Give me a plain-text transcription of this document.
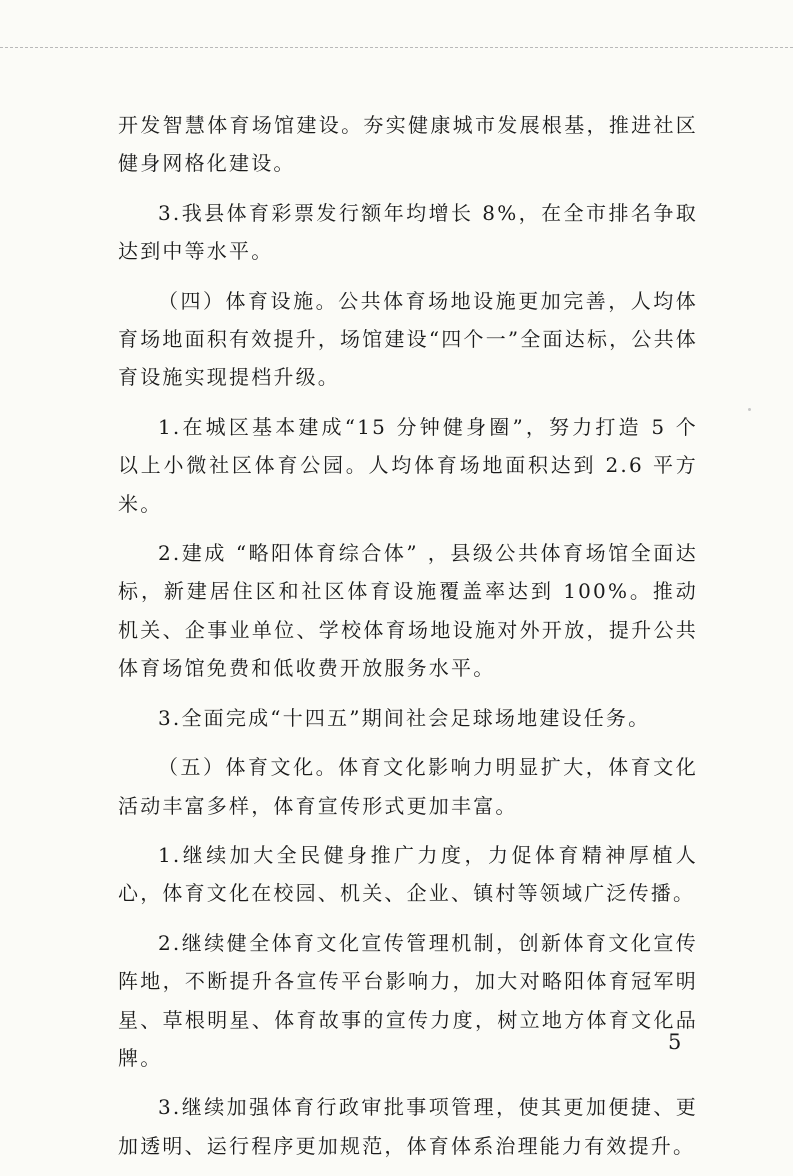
开发智慧体育场馆建设。夯实健康城市发展根基，推进社区健身网格化建设。

3.我县体育彩票发行额年均增长 8%，在全市排名争取达到中等水平。

（四）体育设施。公共体育场地设施更加完善，人均体育场地面积有效提升，场馆建设“四个一”全面达标，公共体育设施实现提档升级。

1.在城区基本建成“15 分钟健身圈”，努力打造 5 个以上小微社区体育公园。人均体育场地面积达到 2.6 平方米。

2.建成 “略阳体育综合体” ，县级公共体育场馆全面达标，新建居住区和社区体育设施覆盖率达到 100%。推动机关、企事业单位、学校体育场地设施对外开放，提升公共体育场馆免费和低收费开放服务水平。

3.全面完成“十四五”期间社会足球场地建设任务。

（五）体育文化。体育文化影响力明显扩大，体育文化活动丰富多样，体育宣传形式更加丰富。

1.继续加大全民健身推广力度，力促体育精神厚植人心，体育文化在校园、机关、企业、镇村等领域广泛传播。

2.继续健全体育文化宣传管理机制，创新体育文化宣传阵地，不断提升各宣传平台影响力，加大对略阳体育冠军明星、草根明星、体育故事的宣传力度，树立地方体育文化品牌。

3.继续加强体育行政审批事项管理，使其更加便捷、更加透明、运行程序更加规范，体育体系治理能力有效提升。

5
